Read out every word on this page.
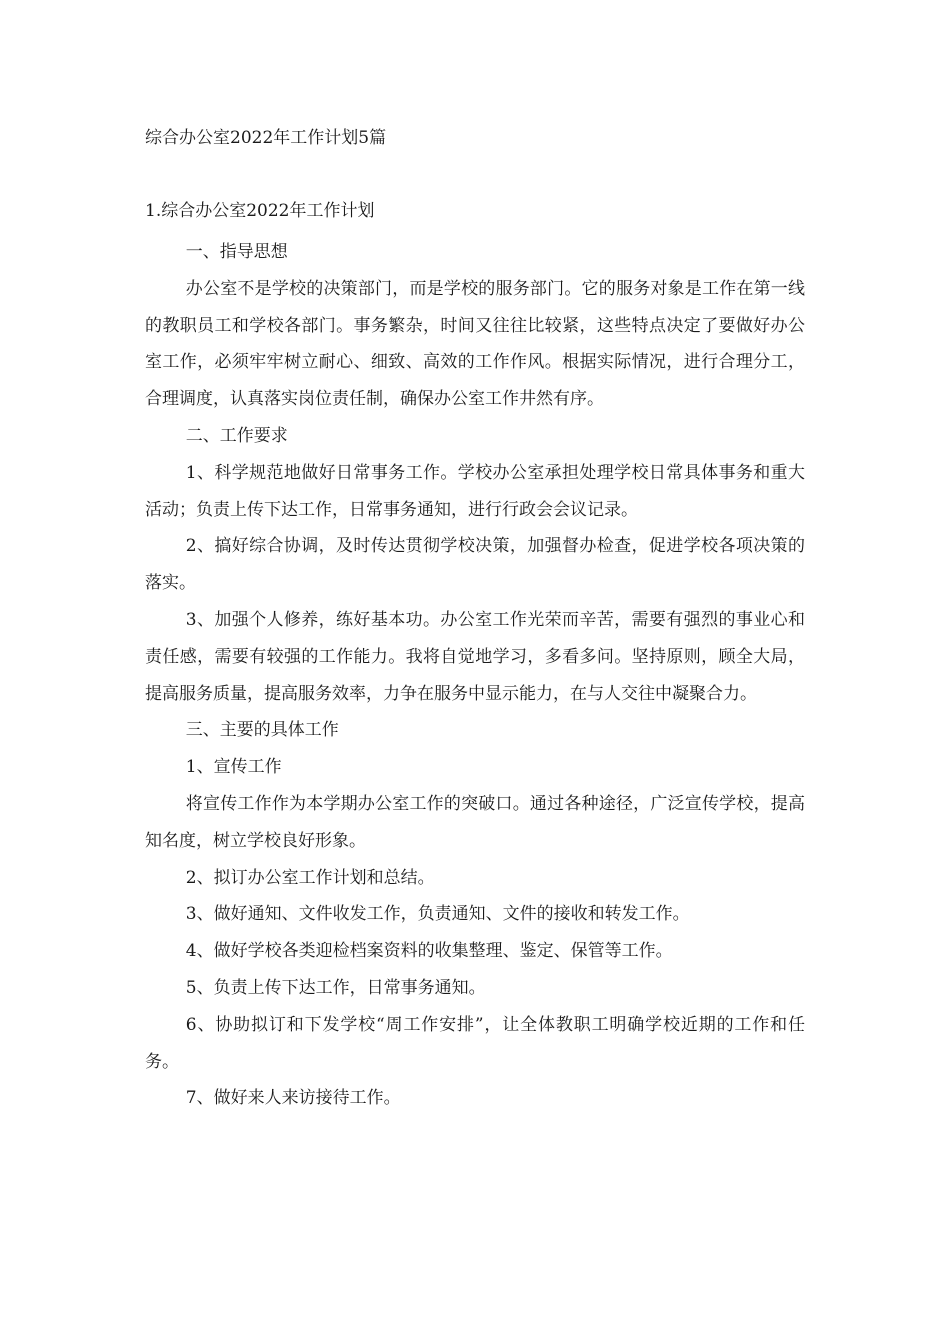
综合办公室2022年工作计划5篇
1.综合办公室2022年工作计划

一、指导思想

办公室不是学校的决策部门，而是学校的服务部门。它的服务对象是工作在第一线的教职员工和学校各部门。事务繁杂，时间又往往比较紧，这些特点决定了要做好办公室工作，必须牢牢树立耐心、细致、高效的工作作风。根据实际情况，进行合理分工，合理调度，认真落实岗位责任制，确保办公室工作井然有序。

二、工作要求

1、科学规范地做好日常事务工作。学校办公室承担处理学校日常具体事务和重大活动；负责上传下达工作，日常事务通知，进行行政会会议记录。

2、搞好综合协调，及时传达贯彻学校决策，加强督办检查，促进学校各项决策的落实。

3、加强个人修养，练好基本功。办公室工作光荣而辛苦，需要有强烈的事业心和责任感，需要有较强的工作能力。我将自觉地学习，多看多问。坚持原则，顾全大局，提高服务质量，提高服务效率，力争在服务中显示能力，在与人交往中凝聚合力。

三、主要的具体工作

1、宣传工作

将宣传工作作为本学期办公室工作的突破口。通过各种途径，广泛宣传学校，提高知名度，树立学校良好形象。

2、拟订办公室工作计划和总结。

3、做好通知、文件收发工作，负责通知、文件的接收和转发工作。

4、做好学校各类迎检档案资料的收集整理、鉴定、保管等工作。

5、负责上传下达工作，日常事务通知。

6、协助拟订和下发学校“周工作安排”，让全体教职工明确学校近期的工作和任务。

7、做好来人来访接待工作。
